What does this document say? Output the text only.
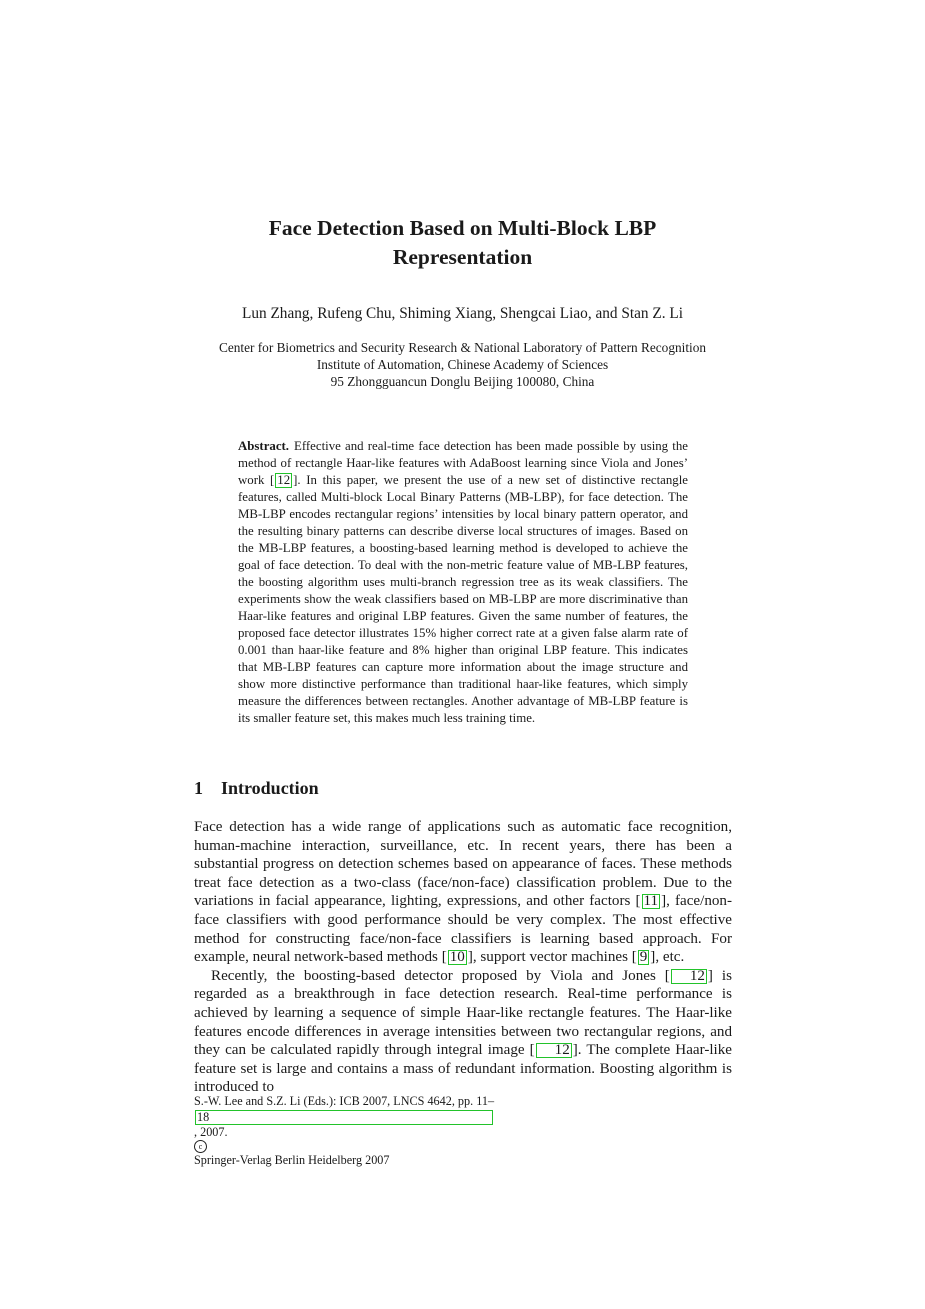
Face Detection Based on Multi-Block LBP
Representation
Lun Zhang, Rufeng Chu, Shiming Xiang, Shengcai Liao, and Stan Z. Li
Center for Biometrics and Security Research & National Laboratory of Pattern Recognition
Institute of Automation, Chinese Academy of Sciences
95 Zhongguancun Donglu Beijing 100080, China
Abstract. Effective and real-time face detection has been made possible by using the method of rectangle Haar-like features with AdaBoost learning since Viola and Jones’ work [ 12 ]. In this paper, we present the use of a new set of distinctive rectangle features, called Multi-block Local Binary Patterns (MB-LBP), for face detection. The MB-LBP encodes rectangular regions’ intensities by local binary pattern operator, and the resulting binary patterns can describe diverse local structures of images. Based on the MB-LBP features, a boosting-based learning method is developed to achieve the goal of face detection. To deal with the non-metric feature value of MB-LBP features, the boosting algorithm uses multi-branch regression tree as its weak classifiers. The experiments show the weak classifiers based on MB-LBP are more discriminative than Haar-like features and original LBP features. Given the same number of features, the proposed face detector illustrates 15% higher correct rate at a given false alarm rate of 0.001 than haar-like feature and 8% higher than original LBP feature. This indicates that MB-LBP features can capture more information about the image structure and show more distinctive performance than traditional haar-like features, which simply measure the differences between rectangles. Another advantage of MB-LBP feature is its smaller feature set, this makes much less training time.
1 Introduction

Face detection has a wide range of applications such as automatic face recognition, human-machine interaction, surveillance, etc. In recent years, there has been a substantial progress on detection schemes based on appearance of faces. These methods treat face detection as a two-class (face/non-face) classification problem. Due to the variations in facial appearance, lighting, expressions, and other factors [ 11 ], face/non-face classifiers with good performance should be very complex. The most effective method for constructing face/non-face classifiers is learning based approach. For example, neural network-based methods [ 10 ], support vector machines [ 9 ], etc.

Recently, the boosting-based detector proposed by Viola and Jones [ 12 ] is regarded as a breakthrough in face detection research. Real-time performance is achieved by learning a sequence of simple Haar-like rectangle features. The Haar-like features encode differences in average intensities between two rectangular regions, and they can be calculated rapidly through integral image [ 12 ]. The complete Haar-like feature set is large and contains a mass of redundant information. Boosting algorithm is introduced to

S.-W. Lee and S.Z. Li (Eds.): ICB 2007, LNCS 4642, pp. 11–
18
, 2007.
c
Springer-Verlag Berlin Heidelberg 2007
